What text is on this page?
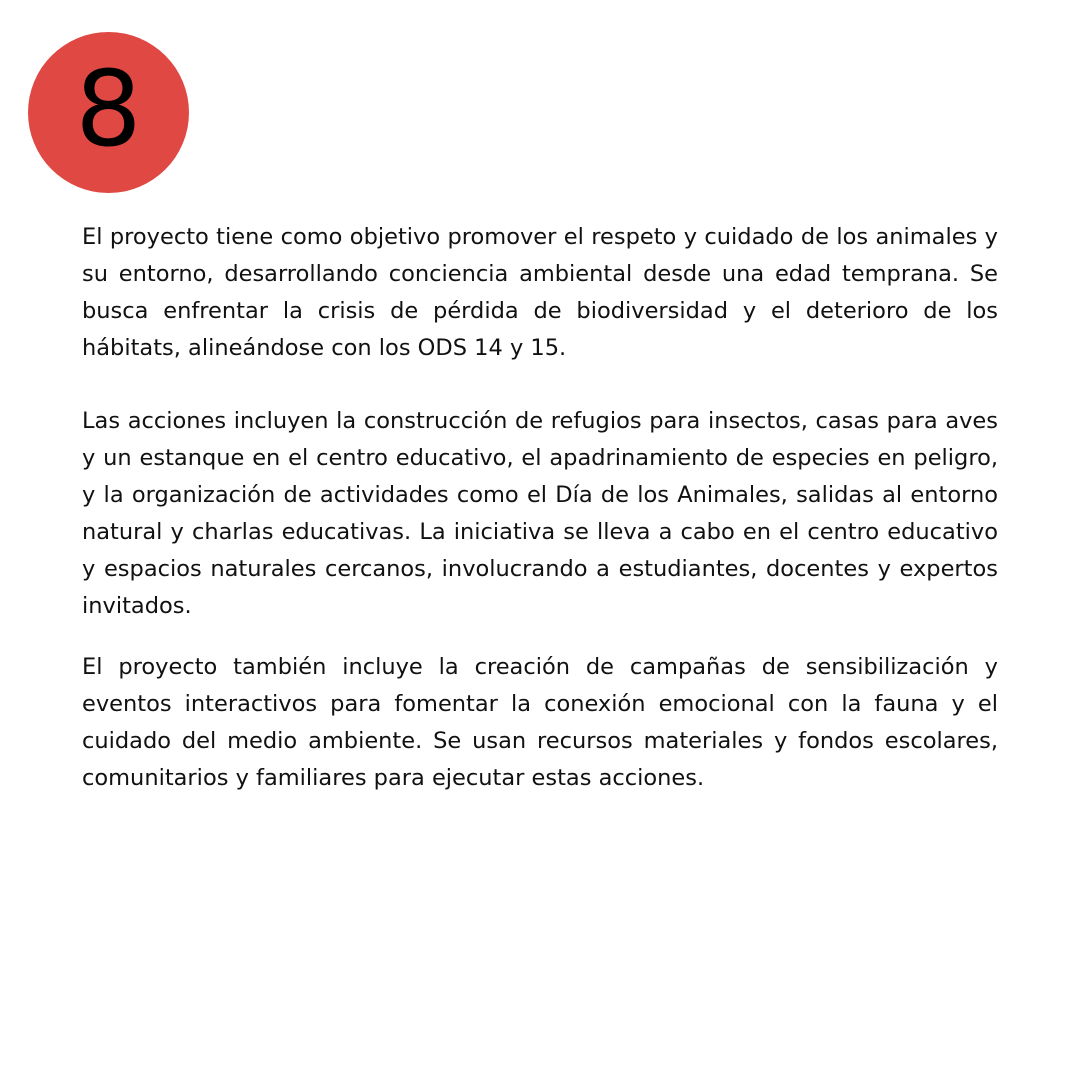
8

El proyecto tiene como objetivo promover el respeto y cuidado de los animales y su entorno, desarrollando conciencia ambiental desde una edad temprana. Se busca enfrentar la crisis de pérdida de biodiversidad y el deterioro de los hábitats, alineándose con los ODS 14 y 15.

Las acciones incluyen la construcción de refugios para insectos, casas para aves y un estanque en el centro educativo, el apadrinamiento de especies en peligro, y la organización de actividades como el Día de los Animales, salidas al entorno natural y charlas educativas. La iniciativa se lleva a cabo en el centro educativo y espacios naturales cercanos, involucrando a estudiantes, docentes y expertos invitados.

El proyecto también incluye la creación de campañas de sensibilización y eventos interactivos para fomentar la conexión emocional con la fauna y el cuidado del medio ambiente. Se usan recursos materiales y fondos escolares, comunitarios y familiares para ejecutar estas acciones.
